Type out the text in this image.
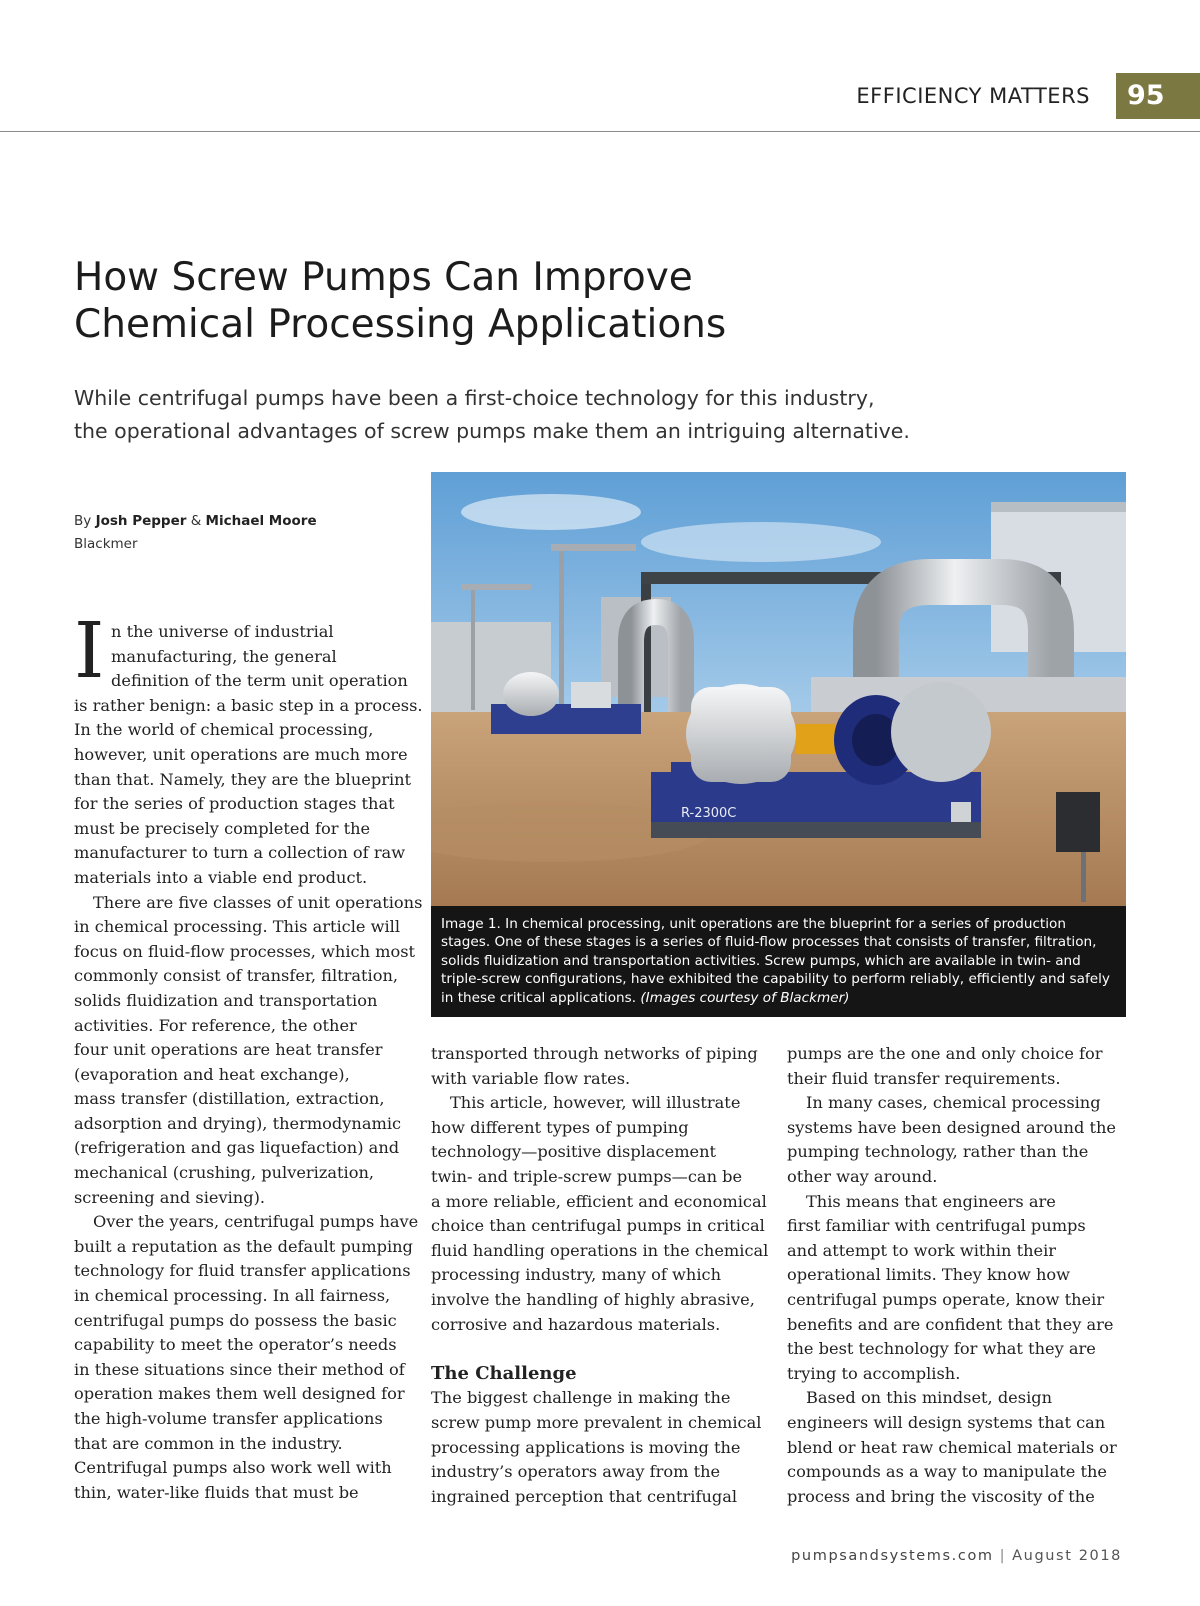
EFFICIENCY MATTERS	95
How Screw Pumps Can Improve
Chemical Processing Applications

While centrifugal pumps have been a first-choice technology for this industry,
the operational advantages of screw pumps make them an intriguing alternative.

By Josh Pepper & Michael Moore
Blackmer
R-2300C

Image 1. In chemical processing, unit operations are the blueprint for a series of production stages. One of these stages is a series of fluid-flow processes that consists of transfer, filtration, solids fluidization and transportation activities. Screw pumps, which are available in twin- and triple-screw configurations, have exhibited the capability to perform reliably, efficiently and safely in these critical applications. (Images courtesy of Blackmer)

I n the universe of industrial

manufacturing, the general

definition of the term unit operation

is rather benign: a basic step in a process.

In the world of chemical processing,

however, unit operations are much more

than that. Namely, they are the blueprint

for the series of production stages that

must be precisely completed for the

manufacturer to turn a collection of raw

materials into a viable end product.

There are five classes of unit operations

in chemical processing. This article will

focus on fluid-flow processes, which most

commonly consist of transfer, filtration,

solids fluidization and transportation

activities. For reference, the other

four unit operations are heat transfer

(evaporation and heat exchange),

mass transfer (distillation, extraction,

adsorption and drying), thermodynamic

(refrigeration and gas liquefaction) and

mechanical (crushing, pulverization,

screening and sieving).

Over the years, centrifugal pumps have

built a reputation as the default pumping

technology for fluid transfer applications

in chemical processing. In all fairness,

centrifugal pumps do possess the basic

capability to meet the operator’s needs

in these situations since their method of

operation makes them well designed for

the high-volume transfer applications

that are common in the industry.

Centrifugal pumps also work well with

thin, water-like fluids that must be

transported through networks of piping

with variable flow rates.

This article, however, will illustrate

how different types of pumping

technology—positive displacement

twin- and triple-screw pumps—can be

a more reliable, efficient and economical

choice than centrifugal pumps in critical

fluid handling operations in the chemical

processing industry, many of which

involve the handling of highly abrasive,

corrosive and hazardous materials.

The Challenge

The biggest challenge in making the

screw pump more prevalent in chemical

processing applications is moving the

industry’s operators away from the

ingrained perception that centrifugal

pumps are the one and only choice for

their fluid transfer requirements.

In many cases, chemical processing

systems have been designed around the

pumping technology, rather than the

other way around.

This means that engineers are

first familiar with centrifugal pumps

and attempt to work within their

operational limits. They know how

centrifugal pumps operate, know their

benefits and are confident that they are

the best technology for what they are

trying to accomplish.

Based on this mindset, design

engineers will design systems that can

blend or heat raw chemical materials or

compounds as a way to manipulate the

process and bring the viscosity of the

pumpsandsystems.com | August 2018
